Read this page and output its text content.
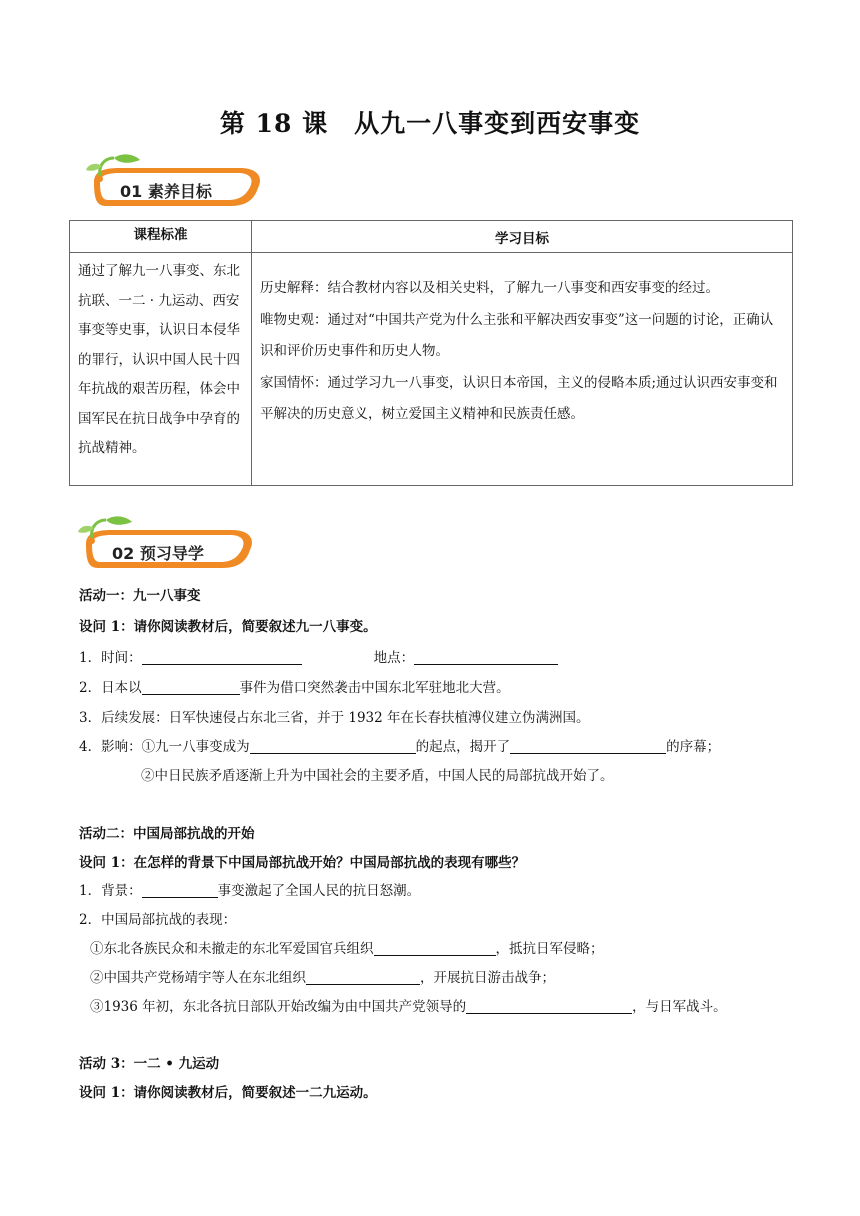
第 18 课　从九一八事变到西安事变
01 素养目标
课程标准	学习目标
通过了解九一八事变、东北抗联、一二 · 九运动、西安事变等史事，认识日本侵华的罪行，认识中国人民十四年抗战的艰苦历程，体会中国军民在抗日战争中孕育的抗战精神。	历史解释：结合教材内容以及相关史料，了解九一八事变和西安事变的经过。
唯物史观：通过对“中国共产党为什么主张和平解决西安事变”这一问题的讨论，正确认识和评价历史事件和历史人物。
家国情怀：通过学习九一八事变，认识日本帝国，主义的侵略本质;通过认识西安事变和平解决的历史意义，树立爱国主义精神和民族责任感。
02 预习导学
活动一：九一八事变
设问 1：请你阅读教材后，简要叙述九一八事变。
1．时间：	地点：
2．日本以	事件为借口突然袭击中国东北军驻地北大营。
3．后续发展：日军快速侵占东北三省，并于 1932 年在长春扶植溥仪建立伪满洲国。
4．影响：①九一八事变成为	的起点，揭开了	的序幕；
②中日民族矛盾逐渐上升为中国社会的主要矛盾，中国人民的局部抗战开始了。
活动二：中国局部抗战的开始
设问 1：在怎样的背景下中国局部抗战开始？中国局部抗战的表现有哪些？
1．背景：	事变激起了全国人民的抗日怒潮。
2．中国局部抗战的表现：
①东北各族民众和未撤走的东北军爱国官兵组织	，抵抗日军侵略；
②中国共产党杨靖宇等人在东北组织	，开展抗日游击战争；
③1936 年初，东北各抗日部队开始改编为由中国共产党领导的	，与日军战斗。
活动 3：一二 • 九运动
设问 1：请你阅读教材后，简要叙述一二九运动。
